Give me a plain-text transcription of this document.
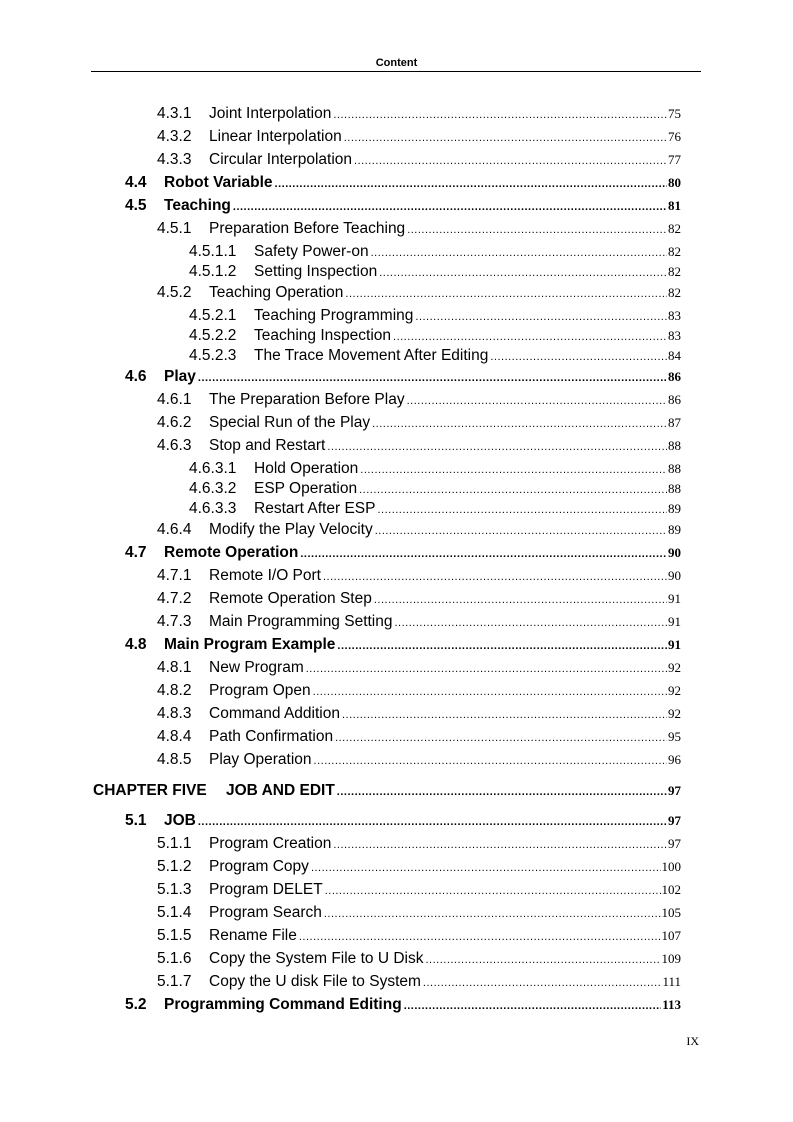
Content
4.3.1	Joint Interpolation .....	75
4.3.2	Linear Interpolation .....	76
4.3.3	Circular Interpolation .....	77
4.4	Robot Variable .....	80
4.5	Teaching .....	81
4.5.1	Preparation Before Teaching .....	82
4.5.1.1	Safety Power-on .....	82
4.5.1.2	Setting Inspection .....	82
4.5.2	Teaching Operation .....	82
4.5.2.1	Teaching Programming .....	83
4.5.2.2	Teaching Inspection .....	83
4.5.2.3	The Trace Movement After Editing .....	84
4.6	Play .....	86
4.6.1	The Preparation Before Play .....	86
4.6.2	Special Run of the Play .....	87
4.6.3	Stop and Restart .....	88
4.6.3.1	Hold Operation .....	88
4.6.3.2	ESP Operation .....	88
4.6.3.3	Restart After ESP .....	89
4.6.4	Modify the Play Velocity .....	89
4.7	Remote Operation .....	90
4.7.1	Remote I/O Port .....	90
4.7.2	Remote Operation Step .....	91
4.7.3	Main Programming Setting .....	91
4.8	Main Program Example .....	91
4.8.1	New Program .....	92
4.8.2	Program Open .....	92
4.8.3	Command Addition .....	92
4.8.4	Path Confirmation .....	95
4.8.5	Play Operation .....	96
CHAPTER FIVE	JOB AND EDIT .....	97
5.1	JOB .....	97
5.1.1	Program Creation .....	97
5.1.2	Program Copy .....	100
5.1.3	Program DELET .....	102
5.1.4	Program Search .....	105
5.1.5	Rename File .....	107
5.1.6	Copy the System File to U Disk .....	109
5.1.7	Copy the U disk File to System .....	111
5.2	Programming Command Editing .....	113
IX
